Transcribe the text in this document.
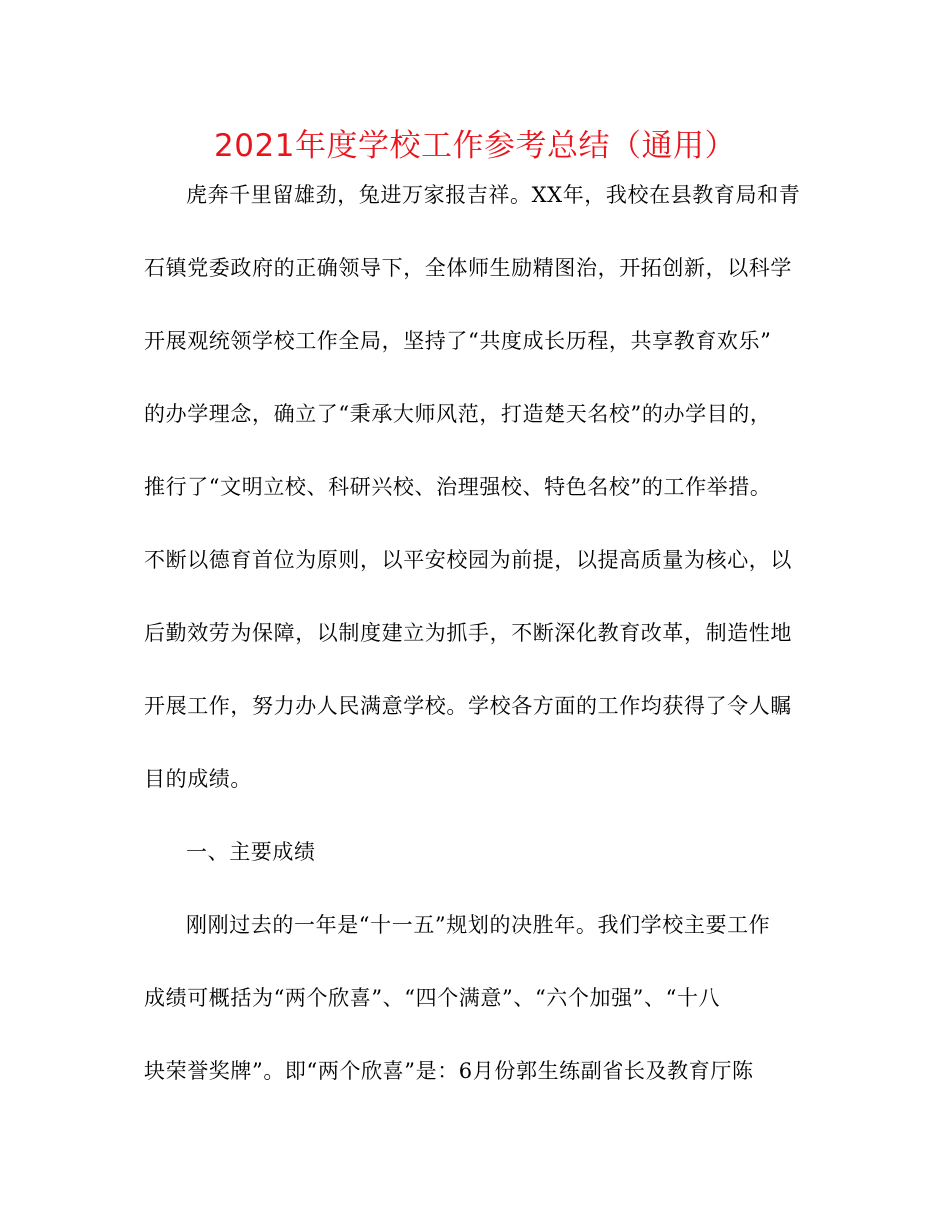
2021年度学校工作参考总结（通用）
虎奔千里留雄劲，兔进万家报吉祥。XX年，我校在县教育局和青
石镇党委政府的正确领导下，全体师生励精图治，开拓创新，以科学
开展观统领学校工作全局，坚持了“共度成长历程，共享教育欢乐”
的办学理念，确立了“秉承大师风范，打造楚天名校”的办学目的，
推行了“文明立校、科研兴校、治理强校、特色名校”的工作举措。
不断以德育首位为原则，以平安校园为前提，以提高质量为核心，以
后勤效劳为保障，以制度建立为抓手，不断深化教育改革，制造性地
开展工作，努力办人民满意学校。学校各方面的工作均获得了令人瞩
目的成绩。
一、主要成绩
刚刚过去的一年是“十一五”规划的决胜年。我们学校主要工作
成绩可概括为“两个欣喜”、“四个满意”、“六个加强”、“十八
块荣誉奖牌”。即“两个欣喜”是：6月份郭生练副省长及教育厅陈
